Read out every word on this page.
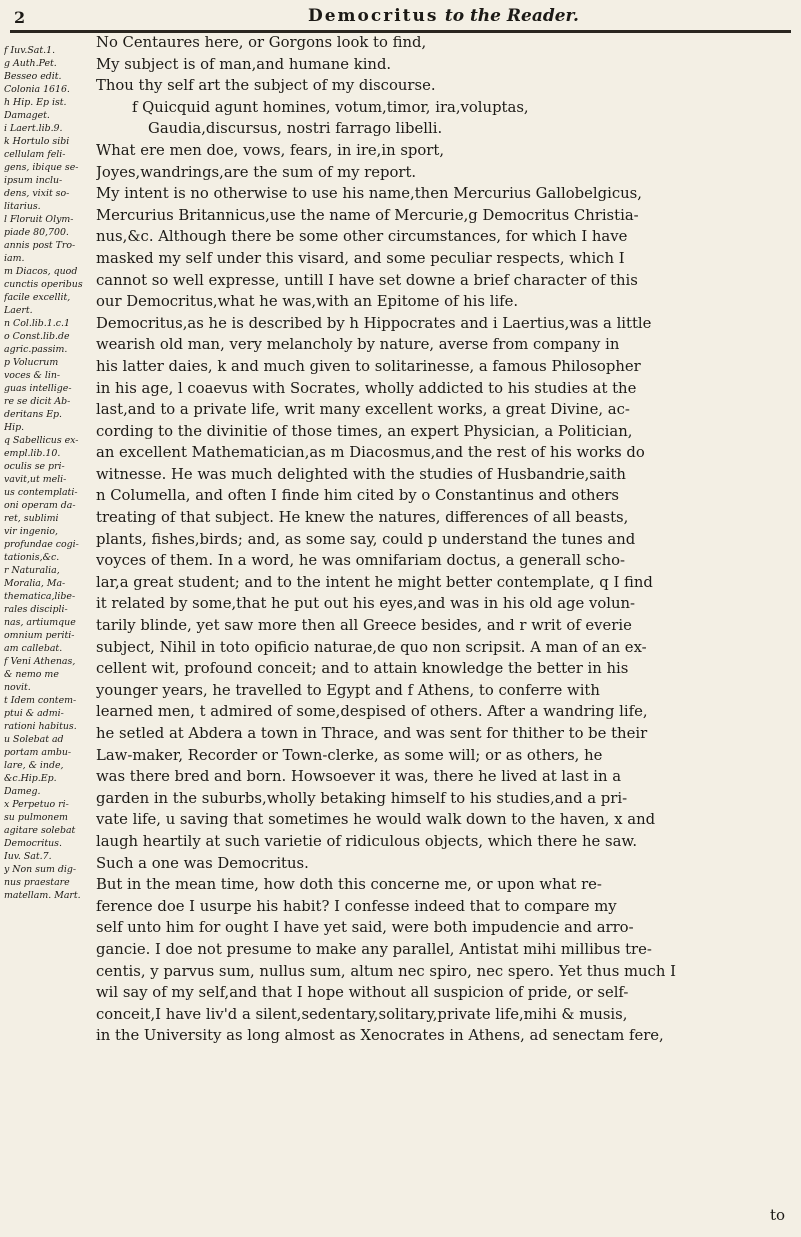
2	Democritus to the Reader.
f Iuv.Sat.1.
g Auth.Pet.
Besseo edit.
Colonia 1616.
h Hip. Ep ist.
Damaget.
i Laert.lib.9.
k Hortulo sibi
cellulam feli-
gens, ibique se-
ipsum inclu-
dens, vixit so-
litarius.
l Floruit Olym-
piade 80,700.
annis post Tro-
iam.
m Diacos, quod
cunctis operibus
facile excellit,
Laert.
n Col.lib.1.c.1
o Const.lib.de
agric.passim.
p Volucrum
voces & lin-
guas intellige-
re se dicit Ab-
deritans Ep.
Hip.
q Sabellicus ex-
empl.lib.10.
oculis se pri-
vavit,ut meli-
us contemplati-
oni operam da-
ret, sublimi
vir ingenio,
profundae cogi-
tationis,&c.
r Naturalia,
Moralia, Ma-
thematica,libe-
rales discipli-
nas, artiumque
omnium periti-
am callebat.
f Veni Athenas,
& nemo me
novit.
t Idem contem-
ptui & admi-
rationi habitus.
u Solebat ad
portam ambu-
lare, & inde,
&c.Hip.Ep.
Dameg.
x Perpetuo ri-
su pulmonem
agitare solebat
Democritus.
Iuv. Sat.7.
y Non sum dig-
nus praestare
matellam. Mart.
No Centaures here, or Gorgons look to find,
My subject is of man,and humane kind.
Thou thy self art the subject of my discourse.
f Quicquid agunt homines, votum,timor, ira,voluptas,
Gaudia,discursus, nostri farrago libelli.
What ere men doe, vows, fears, in ire,in sport,
Joyes,wandrings,are the sum of my report.
My intent is no otherwise to use his name,then Mercurius Gallobelgicus,
Mercurius Britannicus,use the name of Mercurie,g Democritus Christia-
nus,&c. Although there be some other circumstances, for which I have
masked my self under this visard, and some peculiar respects, which I
cannot so well expresse, untill I have set downe a brief character of this
our Democritus,what he was,with an Epitome of his life.
Democritus,as he is described by h Hippocrates and i Laertius,was a little
wearish old man, very melancholy by nature, averse from company in
his latter daies, k and much given to solitarinesse, a famous Philosopher
in his age, l coaevus with Socrates, wholly addicted to his studies at the
last,and to a private life, writ many excellent works, a great Divine, ac-
cording to the divinitie of those times, an expert Physician, a Politician,
an excellent Mathematician,as m Diacosmus,and the rest of his works do
witnesse. He was much delighted with the studies of Husbandrie,saith
n Columella, and often I finde him cited by o Constantinus and others
treating of that subject. He knew the natures, differences of all beasts,
plants, fishes,birds; and, as some say, could p understand the tunes and
voyces of them. In a word, he was omnifariam doctus, a generall scho-
lar,a great student; and to the intent he might better contemplate, q I find
it related by some,that he put out his eyes,and was in his old age volun-
tarily blinde, yet saw more then all Greece besides, and r writ of everie
subject, Nihil in toto opificio naturae,de quo non scripsit. A man of an ex-
cellent wit, profound conceit; and to attain knowledge the better in his
younger years, he travelled to Egypt and f Athens, to conferre with
learned men, t admired of some,despised of others. After a wandring life,
he setled at Abdera a town in Thrace, and was sent for thither to be their
Law-maker, Recorder or Town-clerke, as some will; or as others, he
was there bred and born. Howsoever it was, there he lived at last in a
garden in the suburbs,wholly betaking himself to his studies,and a pri-
vate life, u saving that sometimes he would walk down to the haven, x and
laugh heartily at such varietie of ridiculous objects, which there he saw.
Such a one was Democritus.
But in the mean time, how doth this concerne me, or upon what re-
ference doe I usurpe his habit? I confesse indeed that to compare my
self unto him for ought I have yet said, were both impudencie and arro-
gancie. I doe not presume to make any parallel, Antistat mihi millibus tre-
centis, y parvus sum, nullus sum, altum nec spiro, nec spero. Yet thus much I
wil say of my self,and that I hope without all suspicion of pride, or self-
conceit,I have liv'd a silent,sedentary,solitary,private life,mihi & musis,
in the University as long almost as Xenocrates in Athens, ad senectam fere,
to
